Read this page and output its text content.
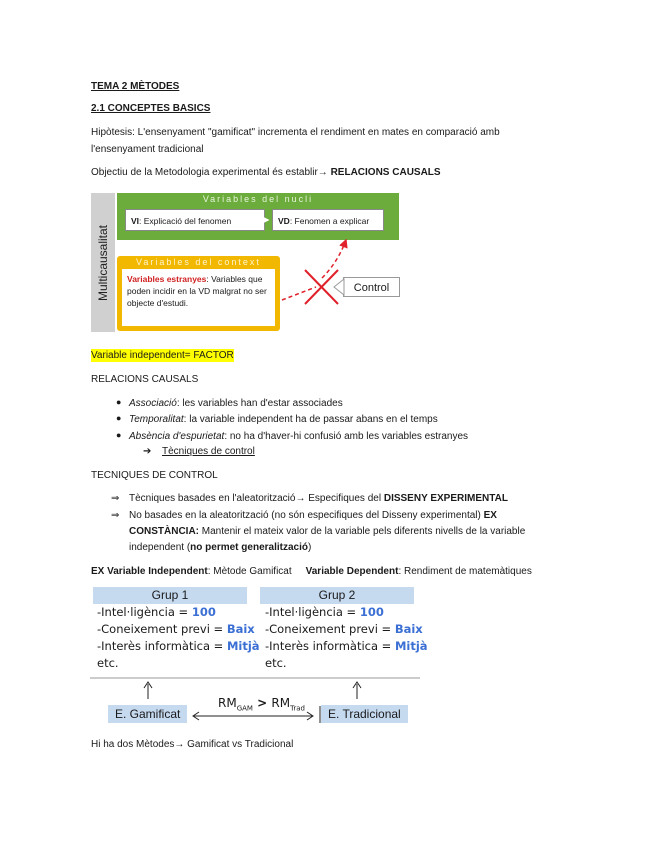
TEMA 2 MÈTODES
2.1 CONCEPTES BASICS
Hipòtesis: L'ensenyament "gamificat" incrementa el rendiment en mates en comparació amb
l'ensenyament tradicional
Objectiu de la Metodologia experimental és establir→ RELACIONS CAUSALS
Multicausalitat
Variables del nucli
VI: Explicació del fenomen	VD: Fenomen a explicar
Variables del context
Variables estranyes: Variables que poden incidir en la VD malgrat no ser objecte d'estudi.
Control
Variable independent= FACTOR
RELACIONS CAUSALS
● Associació: les variables han d'estar associades
● Temporalitat: la variable independent ha de passar abans en el temps
● Absència d'espurietat: no ha d'haver-hi confusió amb les variables estranyes
➔ Tècniques de control
TECNIQUES DE CONTROL
⇒ Tècniques basades en l'aleatorització→ Especifiques del DISSENY EXPERIMENTAL
⇒ No basades en la aleatorització (no són especifiques del Disseny experimental) EX
CONSTÀNCIA: Mantenir el mateix valor de la variable pels diferents nivells de la variable
independent (no permet generalització)
EX Variable Independent: Mètode Gamificat Variable Dependent: Rendiment de matemàtiques
Grup 1
-Intel·ligència = 100
-Coneixement previ = Baix
-Interès informàtica = Mitjà
etc.
Grup 2
-Intel·ligència = 100
-Coneixement previ = Baix
-Interès informàtica = Mitjà
etc.
$RM_{GAM} > RM_{Trad}$
E. Gamificat	E. Tradicional
Hi ha dos Mètodes→ Gamificat vs Tradicional
